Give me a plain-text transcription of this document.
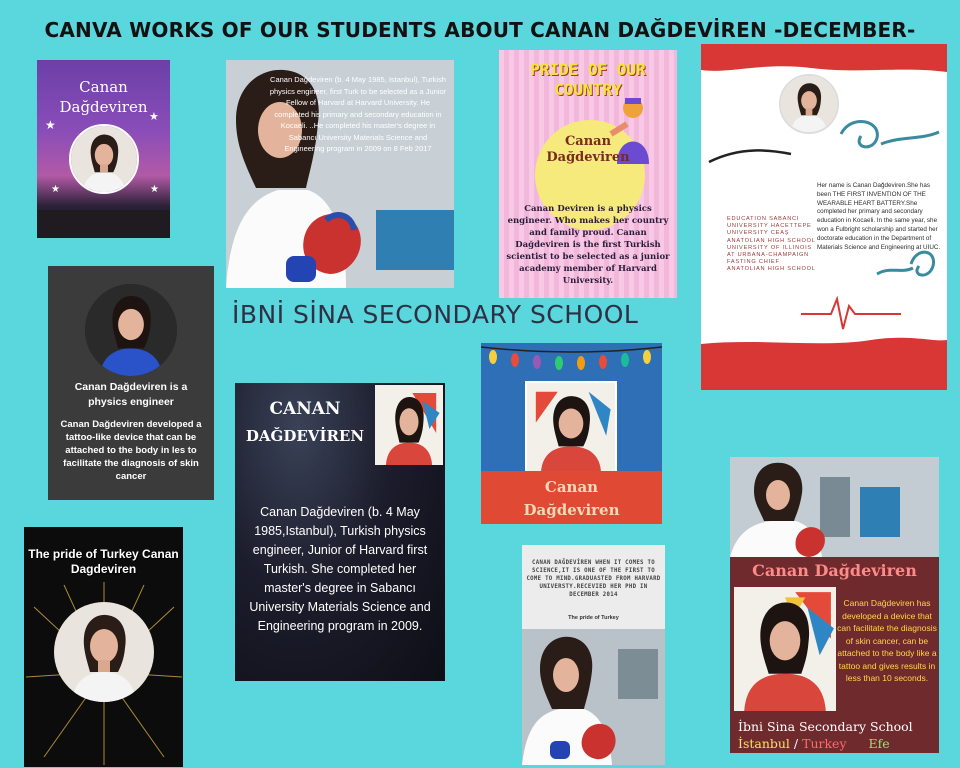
CANVA WORKS OF OUR STUDENTS ABOUT CANAN DAĞDEVİREN -DECEMBER-
İBNİ SİNA SECONDARY SCHOOL
Canan
Dağdeviren
★
★
★	★
Canan Dağdeviren (b. 4 May 1985, Istanbul), Turkish physics engineer, first Turk to be selected as a Junior Fellow of Harvard at Harvard University. He completed his primary and secondary education in Kocaeli. ..He completed his master's degree in Sabancı University Materials Science and Engineering program in 2009 on 8 Feb 2017
PRIDE OF OUR COUNTRY
Canan
Dağdeviren
Canan Deviren is a physics engineer. Who makes her country and family proud. Canan Dağdeviren is the first Turkish scientist to be selected as a junior academy member of Harvard University.
EDUCATION SABANCI UNIVERSITY HACETTEPE UNIVERSITY CEAŞ ANATOLIAN HIGH SCHOOL UNIVERSITY OF ILLINOIS AT URBANA-CHAMPAIGN FASTING CHIEF ANATOLIAN HIGH SCHOOL
Her name is Canan Dağdeviren.She has been THE FIRST INVENTION OF THE WEARABLE HEART BATTERY.She completed her primary and secondary education in Kocaeli. In the same year, she won a Fulbright scholarship and started her doctorate education in the Department of Materials Science and Engineering at UIUC.
Canan Dağdeviren is a physics engineer
Canan Dağdeviren developed a tattoo-like device that can be attached to the body in les to facilitate the diagnosis of skin cancer
CANAN
DAĞDEVİREN
Canan Dağdeviren (b. 4 May 1985,Istanbul), Turkish physics engineer, Junior of Harvard first Turkish. She completed her master's degree in Sabancı University Materials Science and Engineering program in 2009.
Canan
Dağdeviren
The pride of Turkey Canan Dagdeviren	CANAN DAĞDEVİREN WHEN IT COMES TO SCIENCE,IT IS ONE OF THE FIRST TO COME TO MIND.GRADUASTED FROM HARVARD UNIVERSTY.RECEVIED HER PHD IN DECEMBER 2014
The pride of Turkey
Canan Dağdeviren
Canan Dağdeviren has developed a device that can facilitate the diagnosis of skin cancer, can be attached to the body like a tattoo and gives results in less than 10 seconds.
İbni Sina Secondary School
İstanbul / Turkey Efe
